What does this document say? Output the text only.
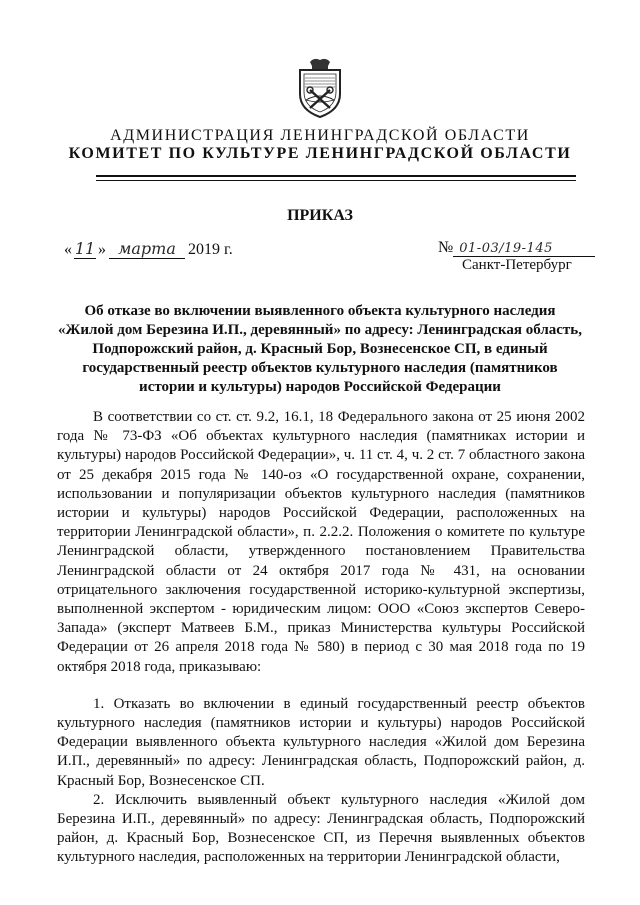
АДМИНИСТРАЦИЯ ЛЕНИНГРАДСКОЙ ОБЛАСТИ
КОМИТЕТ ПО КУЛЬТУРЕ ЛЕНИНГРАДСКОЙ ОБЛАСТИ
ПРИКАЗ
« 11 » марта 2019 г.	№ 01-03/19-145
Санкт-Петербург
Об отказе во включении выявленного объекта культурного наследия «Жилой дом Березина И.П., деревянный» по адресу: Ленинградская область, Подпорожский район, д. Красный Бор, Вознесенское СП, в единый государственный реестр объектов культурного наследия (памятников истории и культуры) народов Российской Федерации

В соответствии со ст. ст. 9.2, 16.1, 18 Федерального закона от 25 июня 2002 года № 73-ФЗ «Об объектах культурного наследия (памятниках истории и культуры) народов Российской Федерации», ч. 11 ст. 4, ч. 2 ст. 7 областного закона от 25 декабря 2015 года № 140-оз «О государственной охране, сохранении, использовании и популяризации объектов культурного наследия (памятников истории и культуры) народов Российской Федерации, расположенных на территории Ленинградской области», п. 2.2.2. Положения о комитете по культуре Ленинградской области, утвержденного постановлением Правительства Ленинградской области от 24 октября 2017 года № 431, на основании отрицательного заключения государственной историко-культурной экспертизы, выполненной экспертом - юридическим лицом: ООО «Союз экспертов Северо-Запада» (эксперт Матвеев Б.М., приказ Министерства культуры Российской Федерации от 26 апреля 2018 года № 580) в период с 30 мая 2018 года по 19 октября 2018 года, приказываю:

1. Отказать во включении в единый государственный реестр объектов культурного наследия (памятников истории и культуры) народов Российской Федерации выявленного объекта культурного наследия «Жилой дом Березина И.П., деревянный» по адресу: Ленинградская область, Подпорожский район, д. Красный Бор, Вознесенское СП.

2. Исключить выявленный объект культурного наследия «Жилой дом Березина И.П., деревянный» по адресу: Ленинградская область, Подпорожский район, д. Красный Бор, Вознесенское СП, из Перечня выявленных объектов культурного наследия, расположенных на территории Ленинградской области,
